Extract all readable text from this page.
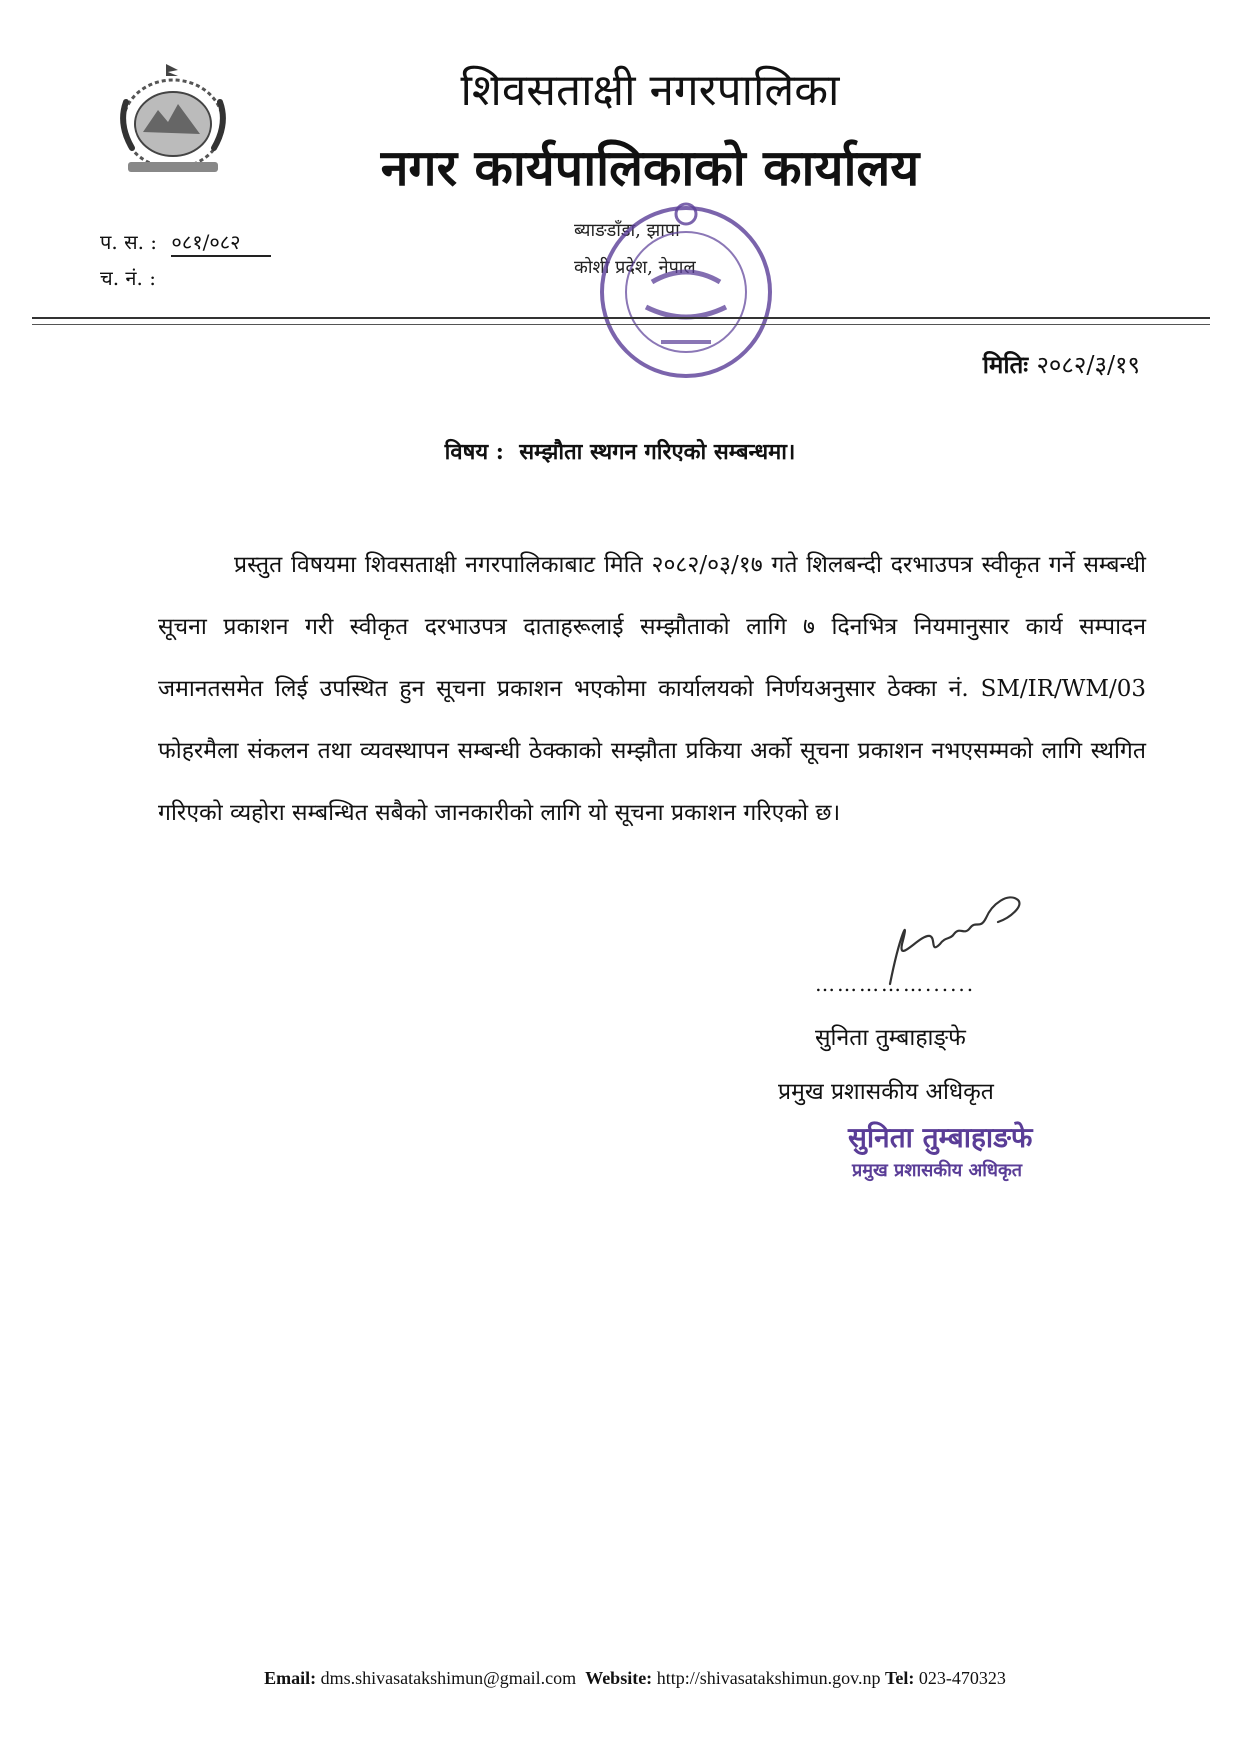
शिवसताक्षी नगरपालिका
नगर कार्यपालिकाको कार्यालय
प. स. : ०८१/०८२
च. नं. :
ब्याङडाँडा, झापा
कोशी प्रदेश, नेपाल
मितिः २०८२/३/१९
विषय : सम्झौता स्थगन गरिएको सम्बन्धमा।
प्रस्तुत विषयमा शिवसताक्षी नगरपालिकाबाट मिति २०८२/०३/१७ गते शिलबन्दी दरभाउपत्र स्वीकृत गर्ने सम्बन्धी सूचना प्रकाशन गरी स्वीकृत दरभाउपत्र दाताहरूलाई सम्झौताको लागि ७ दिनभित्र नियमानुसार कार्य सम्पादन जमानतसमेत लिई उपस्थित हुन सूचना प्रकाशन भएकोमा कार्यालयको निर्णयअनुसार ठेक्का नं. SM/IR/WM/03 फोहरमैला संकलन तथा व्यवस्थापन सम्बन्धी ठेक्काको सम्झौता प्रकिया अर्को सूचना प्रकाशन नभएसम्मको लागि स्थगित गरिएको व्यहोरा सम्बन्धित सबैको जानकारीको लागि यो सूचना प्रकाशन गरिएको छ।
……………......
सुनिता तुम्बाहाङ्फे
प्रमुख प्रशासकीय अधिकृत
सुनिता तुम्बाहाङफे
प्रमुख प्रशासकीय अधिकृत
Email: dms.shivasatakshimun@gmail.com Website: http://shivasatakshimun.gov.np Tel: 023-470323
